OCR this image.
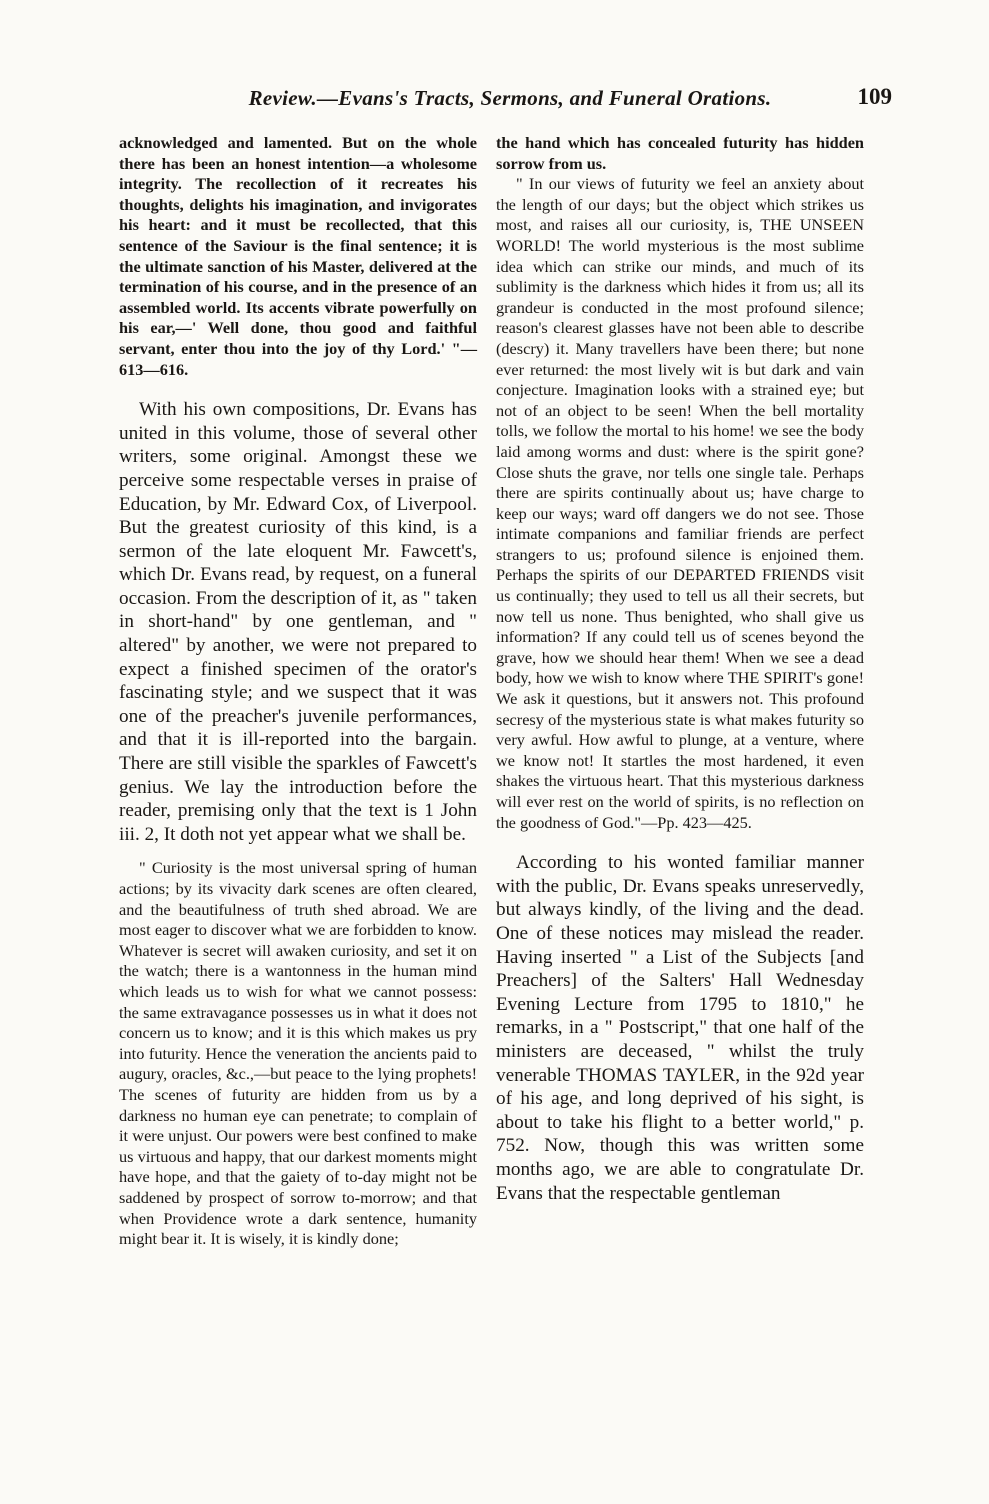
Review.—Evans's Tracts, Sermons, and Funeral Orations.	109

acknowledged and lamented. But on the whole there has been an honest intention—a wholesome integrity. The recollection of it recreates his thoughts, delights his imagination, and invigorates his heart: and it must be recollected, that this sentence of the Saviour is the final sentence; it is the ultimate sanction of his Master, delivered at the termination of his course, and in the presence of an assembled world. Its accents vibrate powerfully on his ear,—' Well done, thou good and faithful servant, enter thou into the joy of thy Lord.' "—613—616.

With his own compositions, Dr. Evans has united in this volume, those of several other writers, some original. Amongst these we perceive some respectable verses in praise of Education, by Mr. Edward Cox, of Liverpool. But the greatest curiosity of this kind, is a sermon of the late eloquent Mr. Fawcett's, which Dr. Evans read, by request, on a funeral occasion. From the description of it, as " taken in short-hand" by one gentleman, and " altered" by another, we were not prepared to expect a finished specimen of the orator's fascinating style; and we suspect that it was one of the preacher's juvenile performances, and that it is ill-reported into the bargain. There are still visible the sparkles of Fawcett's genius. We lay the introduction before the reader, premising only that the text is 1 John iii. 2, It doth not yet appear what we shall be.

" Curiosity is the most universal spring of human actions; by its vivacity dark scenes are often cleared, and the beautifulness of truth shed abroad. We are most eager to discover what we are forbidden to know. Whatever is secret will awaken curiosity, and set it on the watch; there is a wantonness in the human mind which leads us to wish for what we cannot possess: the same extravagance possesses us in what it does not concern us to know; and it is this which makes us pry into futurity. Hence the veneration the ancients paid to augury, oracles, &c.,—but peace to the lying prophets! The scenes of futurity are hidden from us by a darkness no human eye can penetrate; to complain of it were unjust. Our powers were best confined to make us virtuous and happy, that our darkest moments might have hope, and that the gaiety of to-day might not be saddened by prospect of sorrow to-morrow; and that when Providence wrote a dark sentence, humanity might bear it. It is wisely, it is kindly done;

the hand which has concealed futurity has hidden sorrow from us.

" In our views of futurity we feel an anxiety about the length of our days; but the object which strikes us most, and raises all our curiosity, is, THE UNSEEN WORLD! The world mysterious is the most sublime idea which can strike our minds, and much of its sublimity is the darkness which hides it from us; all its grandeur is conducted in the most profound silence; reason's clearest glasses have not been able to describe (descry) it. Many travellers have been there; but none ever returned: the most lively wit is but dark and vain conjecture. Imagination looks with a strained eye; but not of an object to be seen! When the bell mortality tolls, we follow the mortal to his home! we see the body laid among worms and dust: where is the spirit gone? Close shuts the grave, nor tells one single tale. Perhaps there are spirits continually about us; have charge to keep our ways; ward off dangers we do not see. Those intimate companions and familiar friends are perfect strangers to us; profound silence is enjoined them. Perhaps the spirits of our DEPARTED FRIENDS visit us continually; they used to tell us all their secrets, but now tell us none. Thus benighted, who shall give us information? If any could tell us of scenes beyond the grave, how we should hear them! When we see a dead body, how we wish to know where THE SPIRIT's gone! We ask it questions, but it answers not. This profound secresy of the mysterious state is what makes futurity so very awful. How awful to plunge, at a venture, where we know not! It startles the most hardened, it even shakes the virtuous heart. That this mysterious darkness will ever rest on the world of spirits, is no reflection on the goodness of God."—Pp. 423—425.

According to his wonted familiar manner with the public, Dr. Evans speaks unreservedly, but always kindly, of the living and the dead. One of these notices may mislead the reader. Having inserted " a List of the Subjects [and Preachers] of the Salters' Hall Wednesday Evening Lecture from 1795 to 1810," he remarks, in a " Postscript," that one half of the ministers are deceased, " whilst the truly venerable THOMAS TAYLER, in the 92d year of his age, and long deprived of his sight, is about to take his flight to a better world," p. 752. Now, though this was written some months ago, we are able to congratulate Dr. Evans that the respectable gentleman
